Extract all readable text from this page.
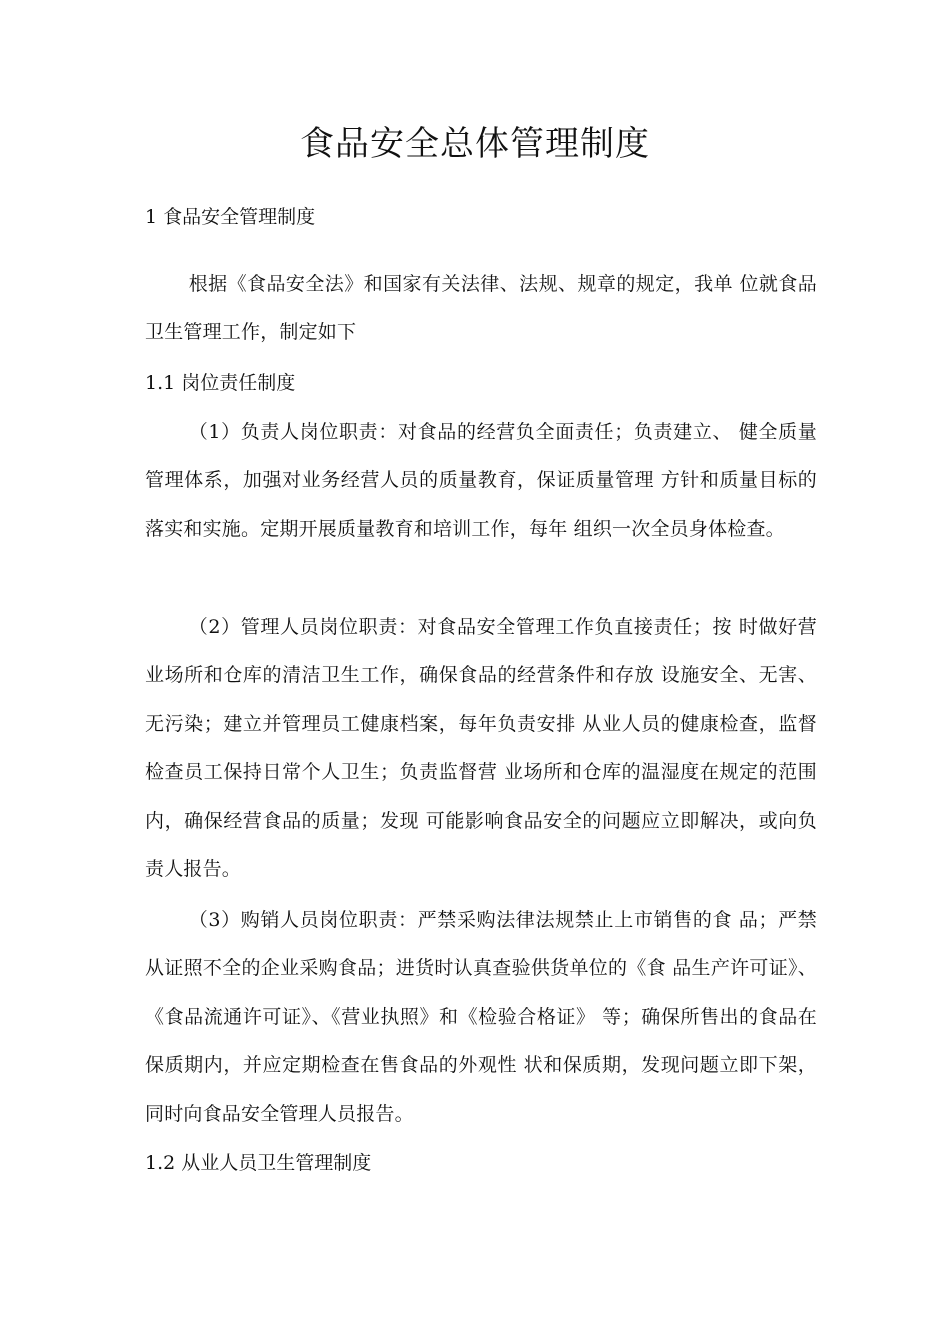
食品安全总体管理制度
1 食品安全管理制度

根据《食品安全法》和国家有关法律、法规、规章的规定，我单 位就食品卫生管理工作，制定如下

1.1 岗位责任制度

（1）负责人岗位职责：对食品的经营负全面责任；负责建立、 健全质量管理体系，加强对业务经营人员的质量教育，保证质量管理 方针和质量目标的落实和实施。定期开展质量教育和培训工作，每年 组织一次全员身体检查。

（2）管理人员岗位职责：对食品安全管理工作负直接责任；按 时做好营业场所和仓库的清洁卫生工作，确保食品的经营条件和存放 设施安全、无害、无污染；建立并管理员工健康档案，每年负责安排 从业人员的健康检查，监督检查员工保持日常个人卫生；负责监督营 业场所和仓库的温湿度在规定的范围内，确保经营食品的质量；发现 可能影响食品安全的问题应立即解决，或向负责人报告。

（3）购销人员岗位职责：严禁采购法律法规禁止上市销售的食 品；严禁从证照不全的企业采购食品；进货时认真查验供货单位的《食 品生产许可证》、《食品流通许可证》、《营业执照》和《检验合格证》 等；确保所售出的食品在保质期内，并应定期检查在售食品的外观性 状和保质期，发现问题立即下架，同时向食品安全管理人员报告。

1.2 从业人员卫生管理制度
